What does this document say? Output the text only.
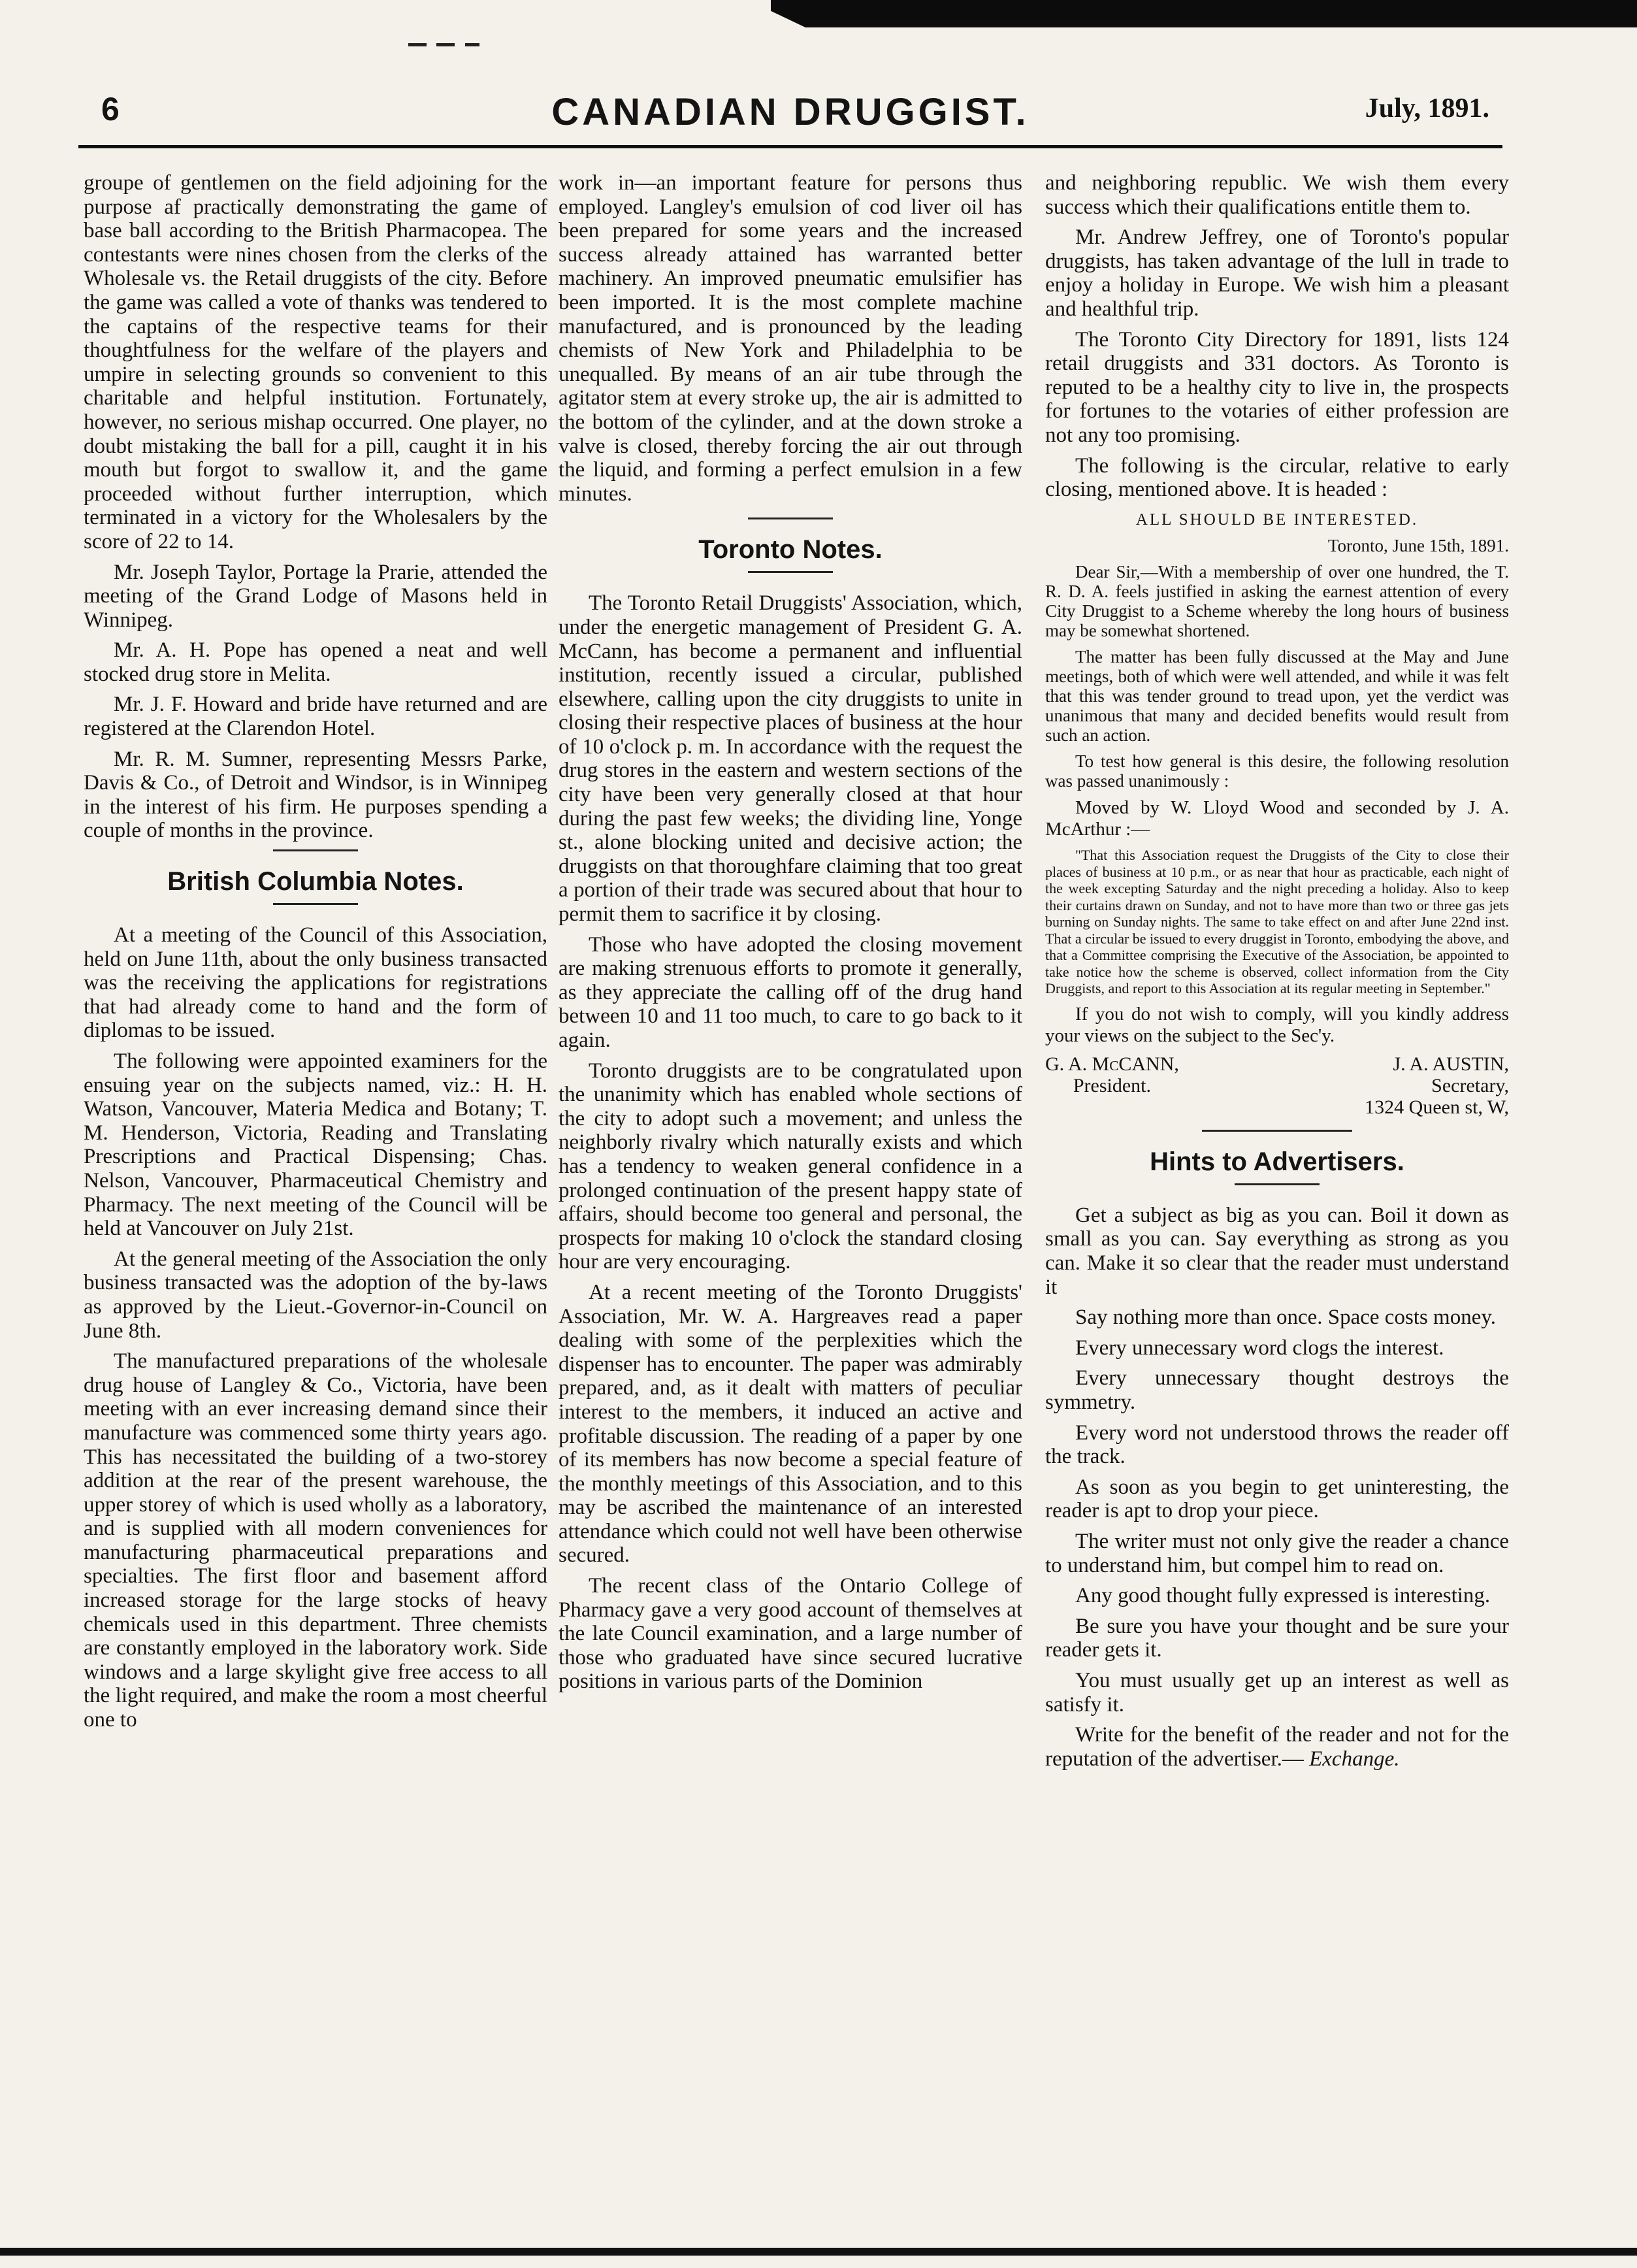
6	CANADIAN DRUGGIST.	July, 1891.

groupe of gentlemen on the field adjoining for the purpose af practically demonstrating the game of base ball according to the British Pharmacopea. The contestants were nines chosen from the clerks of the Wholesale vs. the Retail druggists of the city. Before the game was called a vote of thanks was tendered to the captains of the respective teams for their thoughtfulness for the welfare of the players and umpire in selecting grounds so convenient to this charitable and helpful institution. Fortunately, however, no serious mishap occurred. One player, no doubt mistaking the ball for a pill, caught it in his mouth but forgot to swallow it, and the game proceeded without further interruption, which terminated in a victory for the Wholesalers by the score of 22 to 14.

Mr. Joseph Taylor, Portage la Prarie, attended the meeting of the Grand Lodge of Masons held in Winnipeg.

Mr. A. H. Pope has opened a neat and well stocked drug store in Melita.

Mr. J. F. Howard and bride have returned and are registered at the Clarendon Hotel.

Mr. R. M. Sumner, representing Messrs Parke, Davis & Co., of Detroit and Windsor, is in Winnipeg in the interest of his firm. He purposes spending a couple of months in the province.

British Columbia Notes.

At a meeting of the Council of this Association, held on June 11th, about the only business transacted was the receiving the applications for registrations that had already come to hand and the form of diplomas to be issued.

The following were appointed examiners for the ensuing year on the subjects named, viz.: H. H. Watson, Vancouver, Materia Medica and Botany; T. M. Henderson, Victoria, Reading and Translating Prescriptions and Practical Dispensing; Chas. Nelson, Vancouver, Pharmaceutical Chemistry and Pharmacy. The next meeting of the Council will be held at Vancouver on July 21st.

At the general meeting of the Association the only business transacted was the adoption of the by-laws as approved by the Lieut.-Governor-in-Council on June 8th.

The manufactured preparations of the wholesale drug house of Langley & Co., Victoria, have been meeting with an ever increasing demand since their manufacture was commenced some thirty years ago. This has necessitated the building of a two-storey addition at the rear of the present warehouse, the upper storey of which is used wholly as a laboratory, and is supplied with all modern conveniences for manufacturing pharmaceutical preparations and specialties. The first floor and basement afford increased storage for the large stocks of heavy chemicals used in this department. Three chemists are constantly employed in the laboratory work. Side windows and a large skylight give free access to all the light required, and make the room a most cheerful one to

work in—an important feature for persons thus employed. Langley's emulsion of cod liver oil has been prepared for some years and the increased success already attained has warranted better machinery. An improved pneumatic emulsifier has been imported. It is the most complete machine manufactured, and is pronounced by the leading chemists of New York and Philadelphia to be unequalled. By means of an air tube through the agitator stem at every stroke up, the air is admitted to the bottom of the cylinder, and at the down stroke a valve is closed, thereby forcing the air out through the liquid, and forming a perfect emulsion in a few minutes.

Toronto Notes.

The Toronto Retail Druggists' Association, which, under the energetic management of President G. A. McCann, has become a permanent and influential institution, recently issued a circular, published elsewhere, calling upon the city druggists to unite in closing their respective places of business at the hour of 10 o'clock p. m. In accordance with the request the drug stores in the eastern and western sections of the city have been very generally closed at that hour during the past few weeks; the dividing line, Yonge st., alone blocking united and decisive action; the druggists on that thoroughfare claiming that too great a portion of their trade was secured about that hour to permit them to sacrifice it by closing.

Those who have adopted the closing movement are making strenuous efforts to promote it generally, as they appreciate the calling off of the drug hand between 10 and 11 too much, to care to go back to it again.

Toronto druggists are to be congratulated upon the unanimity which has enabled whole sections of the city to adopt such a movement; and unless the neighborly rivalry which naturally exists and which has a tendency to weaken general confidence in a prolonged continuation of the present happy state of affairs, should become too general and personal, the prospects for making 10 o'clock the standard closing hour are very encouraging.

At a recent meeting of the Toronto Druggists' Association, Mr. W. A. Hargreaves read a paper dealing with some of the perplexities which the dispenser has to encounter. The paper was admirably prepared, and, as it dealt with matters of peculiar interest to the members, it induced an active and profitable discussion. The reading of a paper by one of its members has now become a special feature of the monthly meetings of this Association, and to this may be ascribed the maintenance of an interested attendance which could not well have been otherwise secured.

The recent class of the Ontario College of Pharmacy gave a very good account of themselves at the late Council examination, and a large number of those who graduated have since secured lucrative positions in various parts of the Dominion

and neighboring republic. We wish them every success which their qualifications entitle them to.

Mr. Andrew Jeffrey, one of Toronto's popular druggists, has taken advantage of the lull in trade to enjoy a holiday in Europe. We wish him a pleasant and healthful trip.

The Toronto City Directory for 1891, lists 124 retail druggists and 331 doctors. As Toronto is reputed to be a healthy city to live in, the prospects for fortunes to the votaries of either profession are not any too promising.

The following is the circular, relative to early closing, mentioned above. It is headed :

ALL SHOULD BE INTERESTED.

Toronto, June 15th, 1891.

Dear Sir,—With a membership of over one hundred, the T. R. D. A. feels justified in asking the earnest attention of every City Druggist to a Scheme whereby the long hours of business may be somewhat shortened.

The matter has been fully discussed at the May and June meetings, both of which were well attended, and while it was felt that this was tender ground to tread upon, yet the verdict was unanimous that many and decided benefits would result from such an action.

To test how general is this desire, the following resolution was passed unanimously :

Moved by W. Lloyd Wood and seconded by J. A. McArthur :—

"That this Association request the Druggists of the City to close their places of business at 10 p.m., or as near that hour as practicable, each night of the week excepting Saturday and the night preceding a holiday. Also to keep their curtains drawn on Sunday, and not to have more than two or three gas jets burning on Sunday nights. The same to take effect on and after June 22nd inst. That a circular be issued to every druggist in Toronto, embodying the above, and that a Committee comprising the Executive of the Association, be appointed to take notice how the scheme is observed, collect information from the City Druggists, and report to this Association at its regular meeting in September."

If you do not wish to comply, will you kindly address your views on the subject to the Sec'y.

G. A. McCANN,
President.
J. A. AUSTIN,
Secretary,
1324 Queen st, W,
Hints to Advertisers.

Get a subject as big as you can. Boil it down as small as you can. Say everything as strong as you can. Make it so clear that the reader must understand it

Say nothing more than once. Space costs money.

Every unnecessary word clogs the interest.

Every unnecessary thought destroys the symmetry.

Every word not understood throws the reader off the track.

As soon as you begin to get uninteresting, the reader is apt to drop your piece.

The writer must not only give the reader a chance to understand him, but compel him to read on.

Any good thought fully expressed is interesting.

Be sure you have your thought and be sure your reader gets it.

You must usually get up an interest as well as satisfy it.

Write for the benefit of the reader and not for the reputation of the advertiser.— Exchange.
